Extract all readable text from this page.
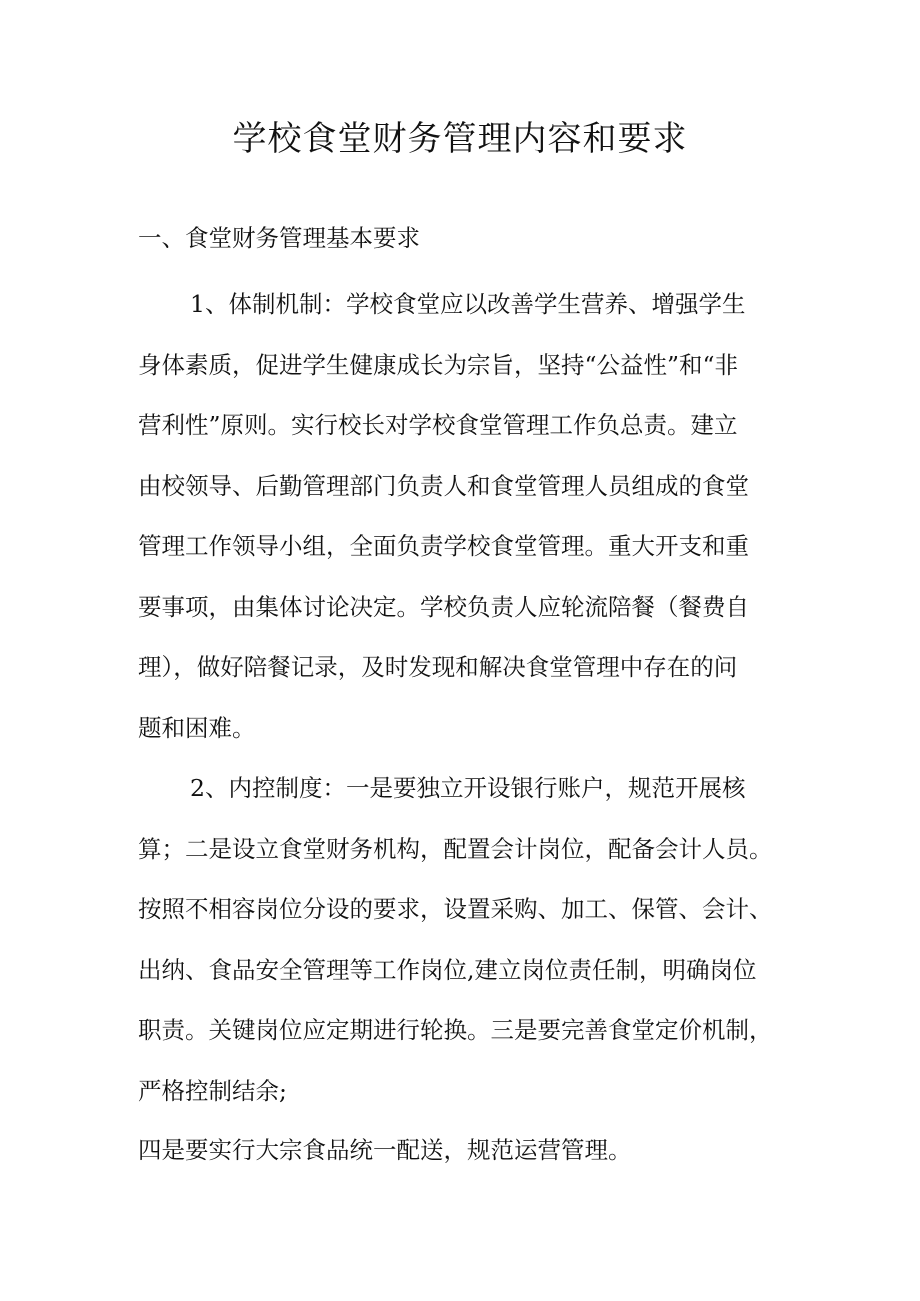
学校食堂财务管理内容和要求
一、食堂财务管理基本要求
1、体制机制：学校食堂应以改善学生营养、增强学生
身体素质，促进学生健康成长为宗旨，坚持“公益性”和“非
营利性”原则。实行校长对学校食堂管理工作负总责。建立
由校领导、后勤管理部门负责人和食堂管理人员组成的食堂
管理工作领导小组，全面负责学校食堂管理。重大开支和重
要事项，由集体讨论决定。学校负责人应轮流陪餐（餐费自
理），做好陪餐记录，及时发现和解决食堂管理中存在的问
题和困难。
2、内控制度：一是要独立开设银行账户，规范开展核
算；二是设立食堂财务机构，配置会计岗位，配备会计人员。
按照不相容岗位分设的要求，设置采购、加工、保管、会计、
出纳、食品安全管理等工作岗位,建立岗位责任制，明确岗位
职责。关键岗位应定期进行轮换。三是要完善食堂定价机制，
严格控制结余;
四是要实行大宗食品统一配送，规范运营管理。
